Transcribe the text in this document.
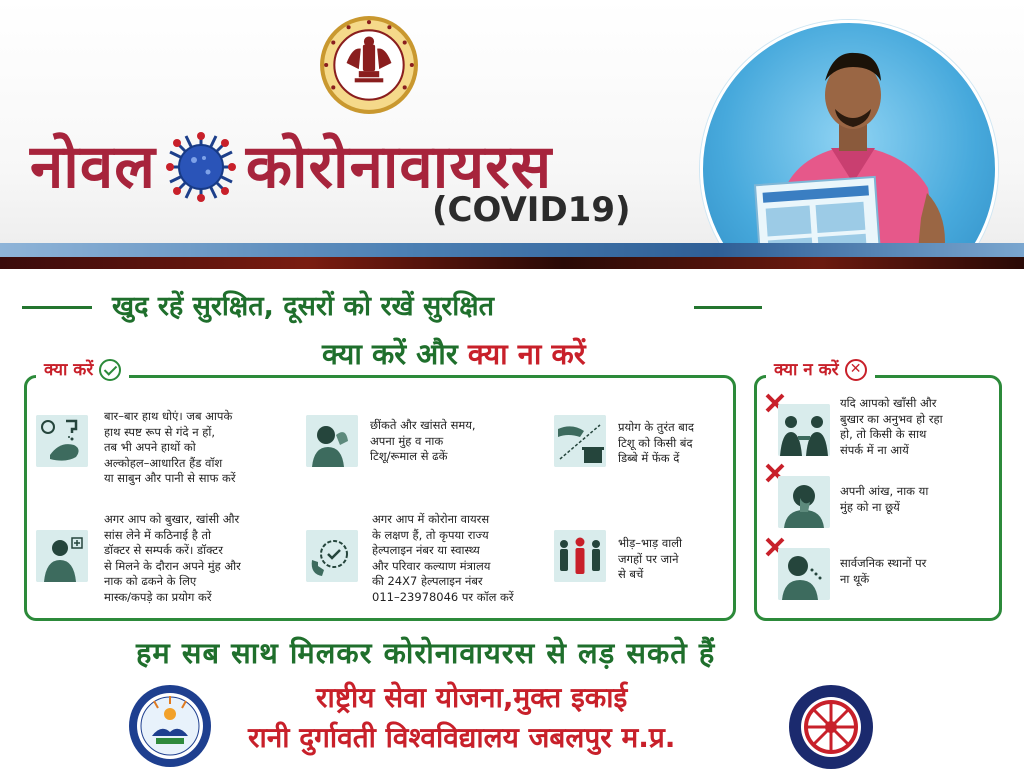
नोवल कोरोनावायरस
(COVID19)
खुद रहें सुरक्षित, दूसरों को रखें सुरक्षित
क्या करें और क्या ना करें
क्या करें
बार–बार हाथ धोएं। जब आपके
हाथ स्पष्ट रूप से गंदे न हों,
तब भी अपने हाथों को
अल्कोहल–आधारित हैंड वॉश
या साबुन और पानी से साफ करें
छींकते और खांसते समय,
अपना मुंह व नाक
टिशू/रूमाल से ढकें
प्रयोग के तुरंत बाद
टिशू को किसी बंद
डिब्बे में फेंक दें
अगर आप को बुखार, खांसी और
सांस लेने में कठिनाई है तो
डॉक्टर से सम्पर्क करें। डॉक्टर
से मिलने के दौरान अपने मुंह और
नाक को ढकने के लिए
मास्क/कपड़े का प्रयोग करें
अगर आप में कोरोना वायरस
के लक्षण हैं, तो कृपया राज्य
हेल्पलाइन नंबर या स्वास्थ्य
और परिवार कल्याण मंत्रालय
की 24X7 हेल्पलाइन नंबर
011–23978046 पर कॉल करें
भीड़–भाड़ वाली
जगहों पर जाने
से बचें
क्या न करें ✕
यदि आपको खाँसी और
बुखार का अनुभव हो रहा
हो, तो किसी के साथ
संपर्क में ना आयें
अपनी आंख, नाक या
मुंह को ना छूयें
सार्वजनिक स्थानों पर
ना थूकें
हम सब साथ मिलकर कोरोनावायरस से लड़ सकते हैं
राष्ट्रीय सेवा योजना,मुक्त इकाई
रानी दुर्गावती विश्वविद्यालय जबलपुर म.प्र.
